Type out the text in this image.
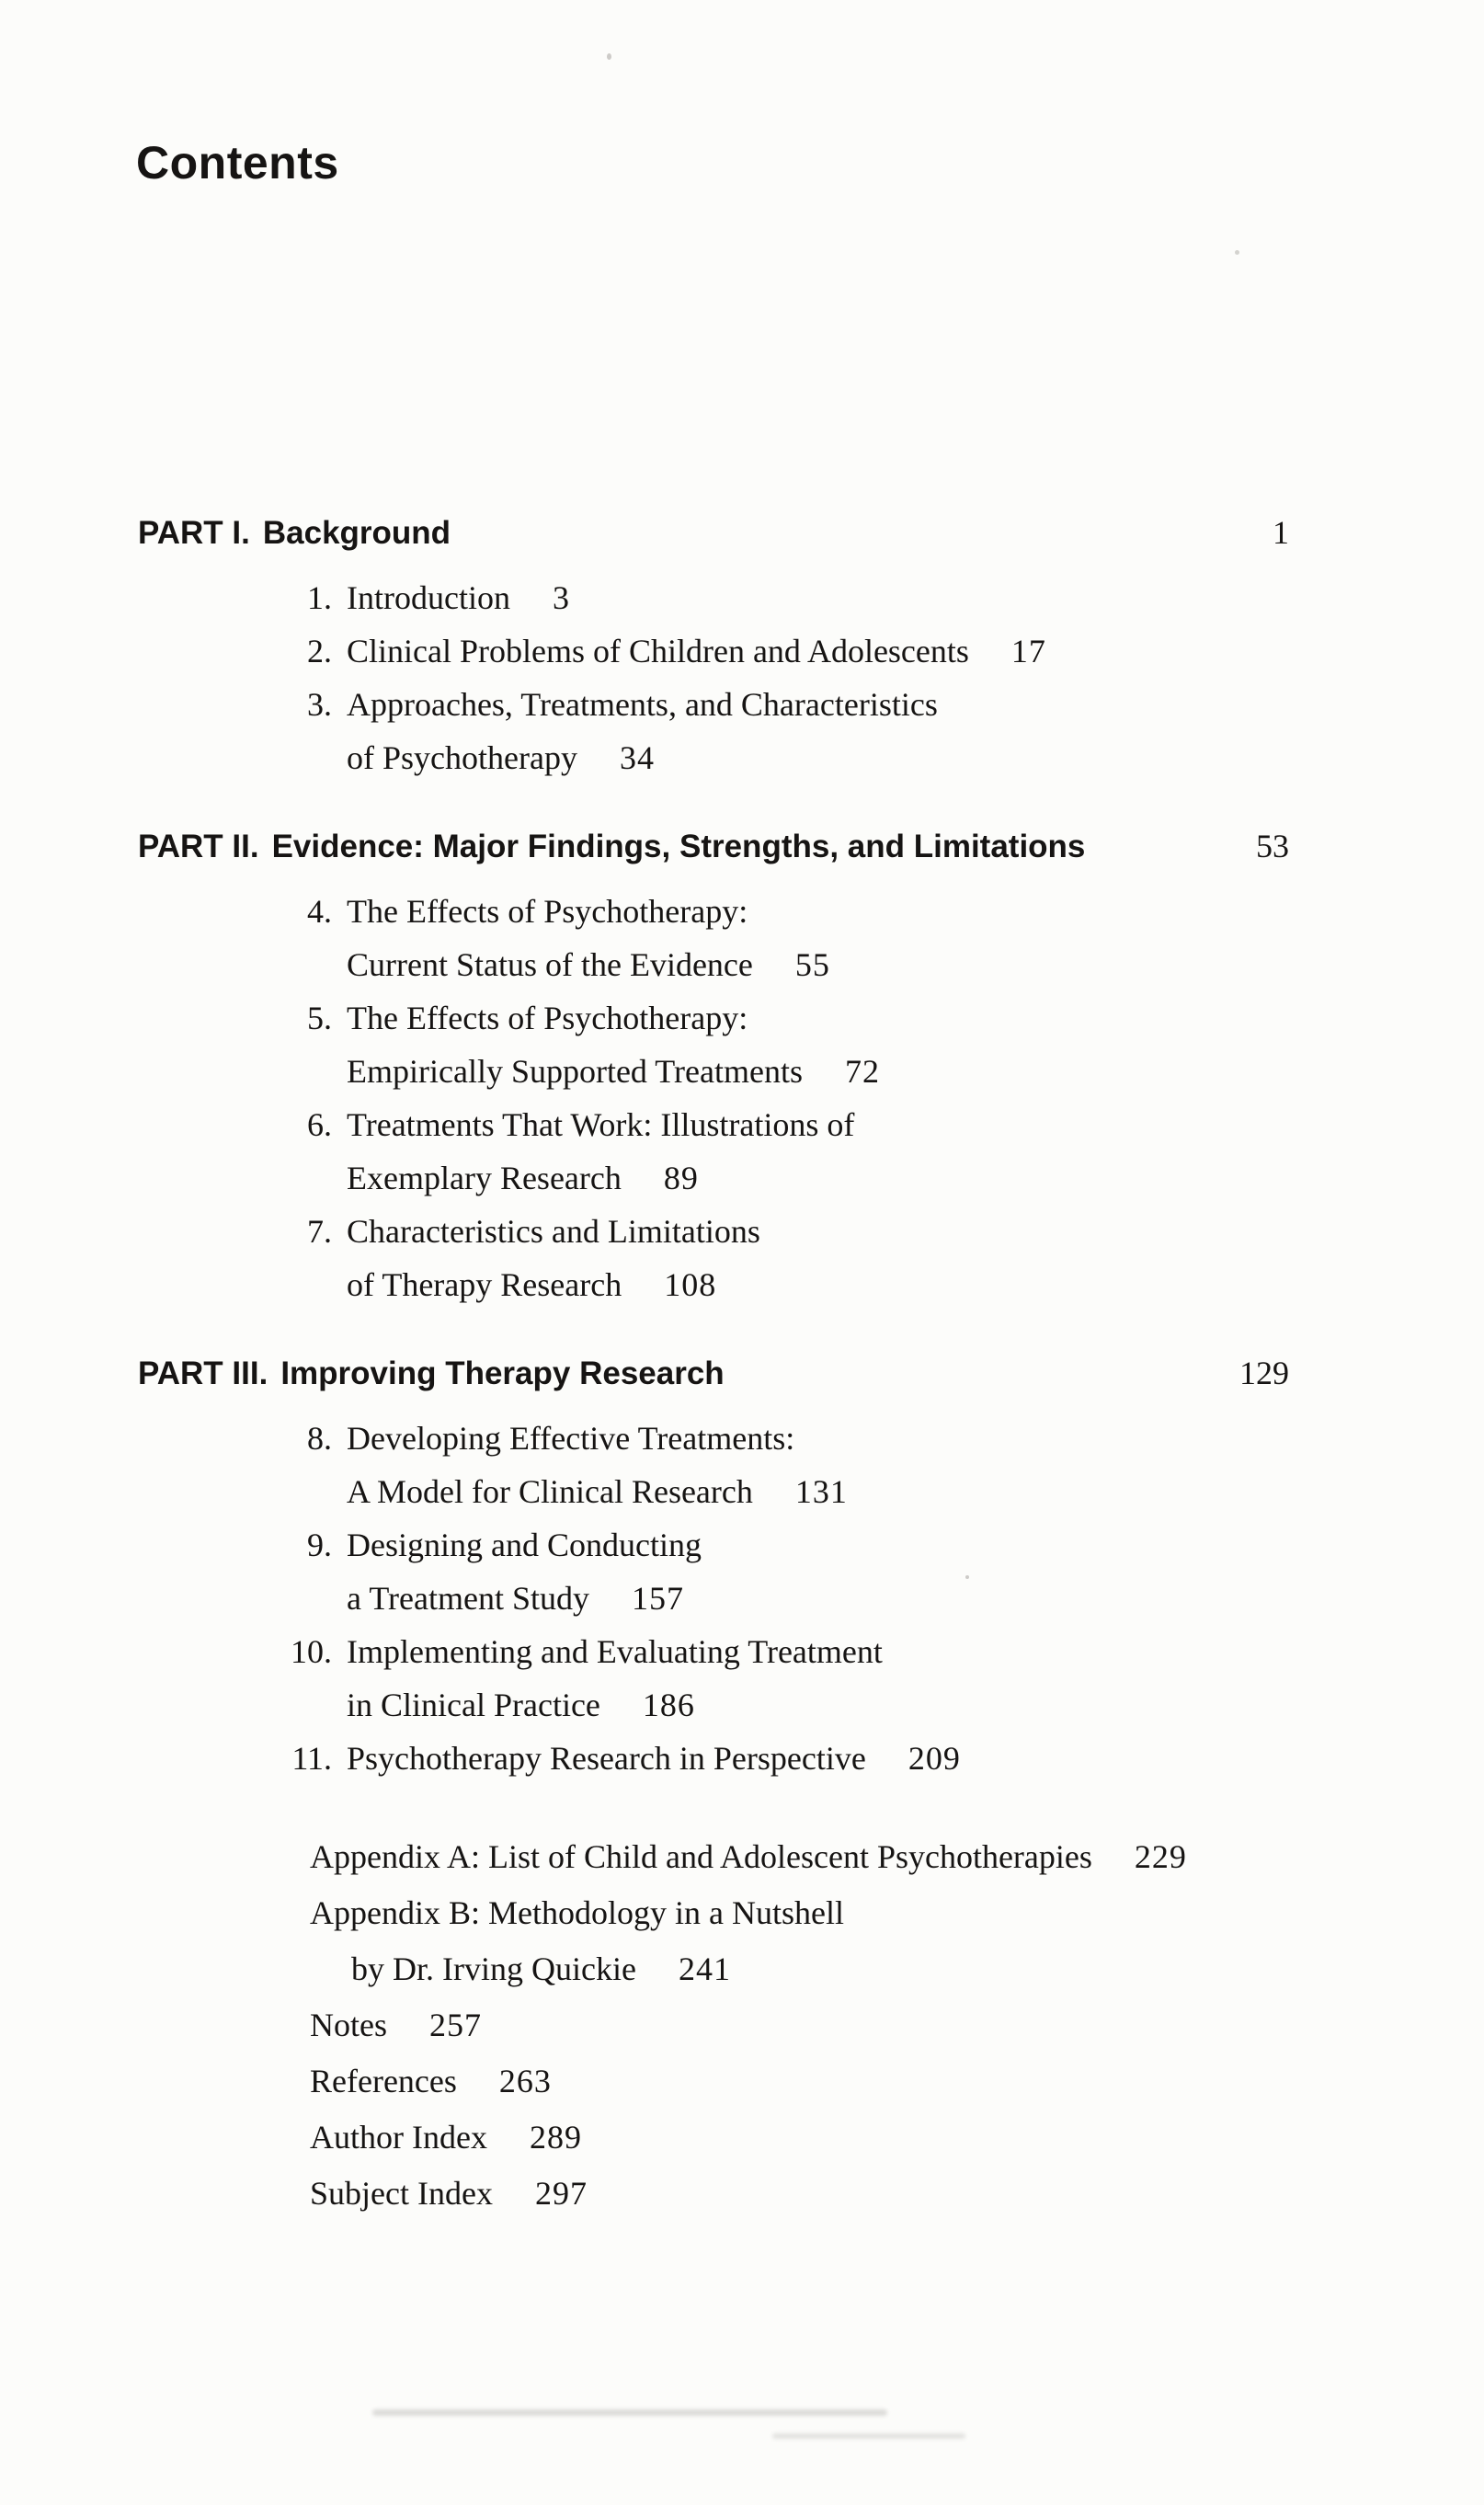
Contents
PART I. Background	1
1. Introduction 3
2. Clinical Problems of Children and Adolescents 17
3. Approaches, Treatments, and Characteristics
of Psychotherapy 34
PART II. Evidence: Major Findings, Strengths, and Limitations	53
4. The Effects of Psychotherapy:
Current Status of the Evidence 55
5. The Effects of Psychotherapy:
Empirically Supported Treatments 72
6. Treatments That Work: Illustrations of
Exemplary Research 89
7. Characteristics and Limitations
of Therapy Research 108
PART III. Improving Therapy Research	129
8. Developing Effective Treatments:
A Model for Clinical Research 131
9. Designing and Conducting
a Treatment Study 157
10. Implementing and Evaluating Treatment
in Clinical Practice 186
11. Psychotherapy Research in Perspective 209
Appendix A: List of Child and Adolescent Psychotherapies 229
Appendix B: Methodology in a Nutshell
by Dr. Irving Quickie 241
Notes 257
References 263
Author Index 289
Subject Index 297
